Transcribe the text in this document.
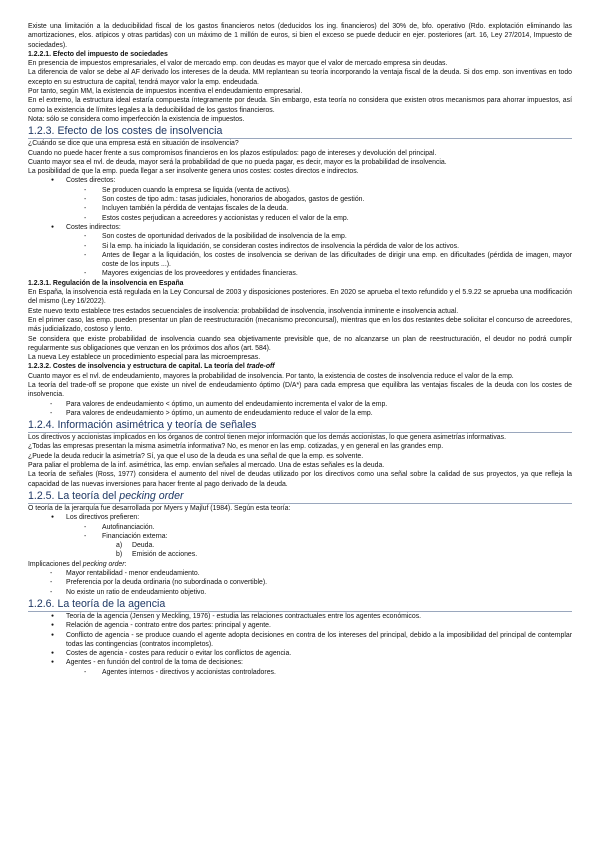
Existe una limitación a la deducibilidad fiscal de los gastos financieros netos (deducidos los ing. financieros) del 30% de, bfo. operativo (Rdo. explotación eliminando las amortizaciones, elos. atípicos y otras partidas) con un máximo de 1 millón de euros, si bien el exceso se puede deducir en ejer. posteriores (art. 16, Ley 27/2014, Impuesto de sociedades).

1.2.2.1. Efecto del impuesto de sociedades

En presencia de impuestos empresariales, el valor de mercado emp. con deudas es mayor que el valor de mercado empresa sin deudas.

La diferencia de valor se debe al AF derivado los intereses de la deuda. MM replantean su teoría incorporando la ventaja fiscal de la deuda. Si dos emp. son inventivas en todo excepto en su estructura de capital, tendrá mayor valor la emp. endeudada.

Por tanto, según MM, la existencia de impuestos incentiva el endeudamiento empresarial.

En el extremo, la estructura ideal estaría compuesta íntegramente por deuda. Sin embargo, esta teoría no considera que existen otros mecanismos para ahorrar impuestos, así como la existencia de límites legales a la deducibilidad de los gastos financieros.

Nota: sólo se considera como imperfección la existencia de impuestos.

1.2.3. Efecto de los costes de insolvencia

¿Cuándo se dice que una empresa está en situación de insolvencia?

Cuando no puede hacer frente a sus compromisos financieros en los plazos estipulados: pago de intereses y devolución del principal.

Cuanto mayor sea el nvl. de deuda, mayor será la probabilidad de que no pueda pagar, es decir, mayor es la probabilidad de insolvencia.

La posibilidad de que la emp. pueda llegar a ser insolvente genera unos costes: costes directos e indirectos.

● Costes directos:
- Se producen cuando la empresa se liquida (venta de activos).
- Son costes de tipo adm.: tasas judiciales, honorarios de abogados, gastos de gestión.
- Incluyen también la pérdida de ventajas fiscales de la deuda.
- Estos costes perjudican a acreedores y accionistas y reducen el valor de la emp.
● Costes indirectos:
- Son costes de oportunidad derivados de la posibilidad de insolvencia de la emp.
- Si la emp. ha iniciado la liquidación, se consideran costes indirectos de insolvencia la pérdida de valor de los activos.
- Antes de llegar a la liquidación, los costes de insolvencia se derivan de las dificultades de dirigir una emp. en dificultades (pérdida de imagen, mayor coste de los inputs ...).
- Mayores exigencias de los proveedores y entidades financieras.

1.2.3.1. Regulación de la insolvencia en España

En España, la insolvencia está regulada en la Ley Concursal de 2003 y disposiciones posteriores. En 2020 se aprueba el texto refundido y el 5.9.22 se aprueba una modificación del mismo (Ley 16/2022).

Este nuevo texto establece tres estados secuenciales de insolvencia: probabilidad de insolvencia, insolvencia inminente e insolvencia actual.

En el primer caso, las emp. pueden presentar un plan de reestructuración (mecanismo preconcursal), mientras que en los dos restantes debe solicitar el concurso de acreedores, más judicializado, costoso y lento.

Se considera que existe probabilidad de insolvencia cuando sea objetivamente previsible que, de no alcanzarse un plan de reestructuración, el deudor no podrá cumplir regularmente sus obligaciones que venzan en los próximos dos años (art. 584).

La nueva Ley establece un procedimiento especial para las microempresas.

1.2.3.2. Costes de insolvencia y estructura de capital. La teoría del trade-off

Cuanto mayor es el nvl. de endeudamiento, mayores la probabilidad de insolvencia. Por tanto, la existencia de costes de insolvencia reduce el valor de la emp.

La teoría del trade-off se propone que existe un nivel de endeudamiento óptimo (D/A*) para cada empresa que equilibra las ventajas fiscales de la deuda con los costes de insolvencia.

- Para valores de endeudamiento < óptimo, un aumento del endeudamiento incrementa el valor de la emp.
- Para valores de endeudamiento > óptimo, un aumento de endeudamiento reduce el valor de la emp.
1.2.4. Información asimétrica y teoría de señales

Los directivos y accionistas implicados en los órganos de control tienen mejor información que los demás accionistas, lo que genera asimetrías informativas.

¿Todas las empresas presentan la misma asimetría informativa? No, es menor en las emp. cotizadas, y en general en las grandes emp.

¿Puede la deuda reducir la asimetría? Sí, ya que el uso de la deuda es una señal de que la emp. es solvente.

Para paliar el problema de la inf. asimétrica, las emp. envían señales al mercado. Una de estas señales es la deuda.

La teoría de señales (Ross, 1977) considera el aumento del nivel de deudas utilizado por los directivos como una señal sobre la calidad de sus proyectos, ya que refleja la capacidad de las nuevas inversiones para hacer frente al pago derivado de la deuda.

1.2.5. La teoría del pecking order

O teoría de la jerarquía fue desarrollada por Myers y Majluf (1984). Según esta teoría:

● Los directivos prefieren:
- Autofinanciación.
- Financiación externa:
a) Deuda.
b) Emisión de acciones.

Implicaciones del pecking order:

- Mayor rentabilidad - menor endeudamiento.
- Preferencia por la deuda ordinaria (no subordinada o convertible).
- No existe un ratio de endeudamiento objetivo.
1.2.6. La teoría de la agencia
● Teoría de la agencia (Jensen y Meckling, 1976) - estudia las relaciones contractuales entre los agentes económicos.
● Relación de agencia - contrato entre dos partes: principal y agente.
● Conflicto de agencia - se produce cuando el agente adopta decisiones en contra de los intereses del principal, debido a la imposibilidad del principal de contemplar todas las contingencias (contratos incompletos).
● Costes de agencia - costes para reducir o evitar los conflictos de agencia.
● Agentes - en función del control de la toma de decisiones:
- Agentes internos - directivos y accionistas controladores.
